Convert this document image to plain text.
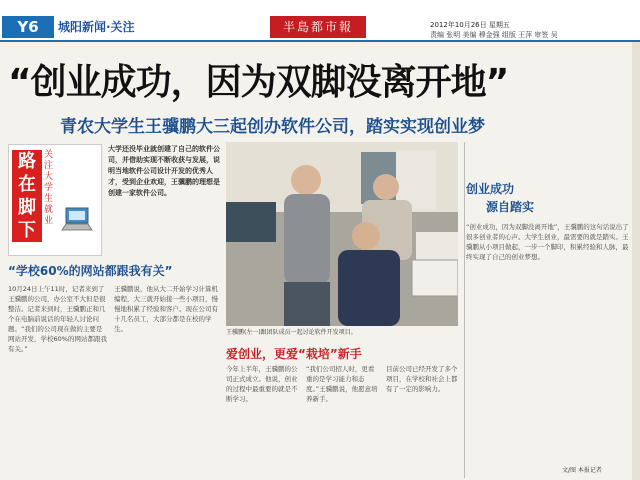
Y6	城阳新闻·关注	半島都市報	2012年10月26日 星期五
责编 张明 美编 穆金强 组版 王萍 审签 吴
“创业成功，因为双脚没离开地”
青农大学生王骥鹏大三起创办软件公司，踏实实现创业梦
路在脚下
关注大学生就业
大学还没毕业就创建了自己的软件公司，并借助实现不断收获与发展，说明当地软件公司设计开发的优秀人才，受到企业欢迎，王骥鹏的理想是创建一家软件公司。
“学校60%的网站都跟我有关”
10月24日上午11时，记者来到了王骥鹏的公司，办公室不大但是很整洁。记者来到时，王骥鹏正和几个在电脑前说话的年轻人讨论问题。“我们的公司现在做的主要是网站开发，学校60%的网站都跟我有关。”
王骥鹏说，他从大二开始学习计算机编程，大三就开始接一些小项目，慢慢地积累了经验和客户。现在公司有十几名员工，大部分都是在校的学生。	王骥鹏(左一)跟团队成员一起讨论软件开发项目。
爱创业，更爱“栽培”新手
今年上半年，王骥鹏的公司正式成立。他说，创业的过程中最重要的就是不断学习。
“我们公司招人时，更看重的是学习能力和态度。”王骥鹏说，他愿意培养新手。
目前公司已经开发了多个项目，在学校和社会上都有了一定的影响力。
创业成功
源自踏实
“创业成功，因为双脚没离开地”，王骥鹏的这句话说出了很多创业者的心声。大学生创业，最需要的就是踏实。王骥鹏从小项目做起，一步一个脚印，积累经验和人脉，最终实现了自己的创业梦想。
文/图 本报记者
